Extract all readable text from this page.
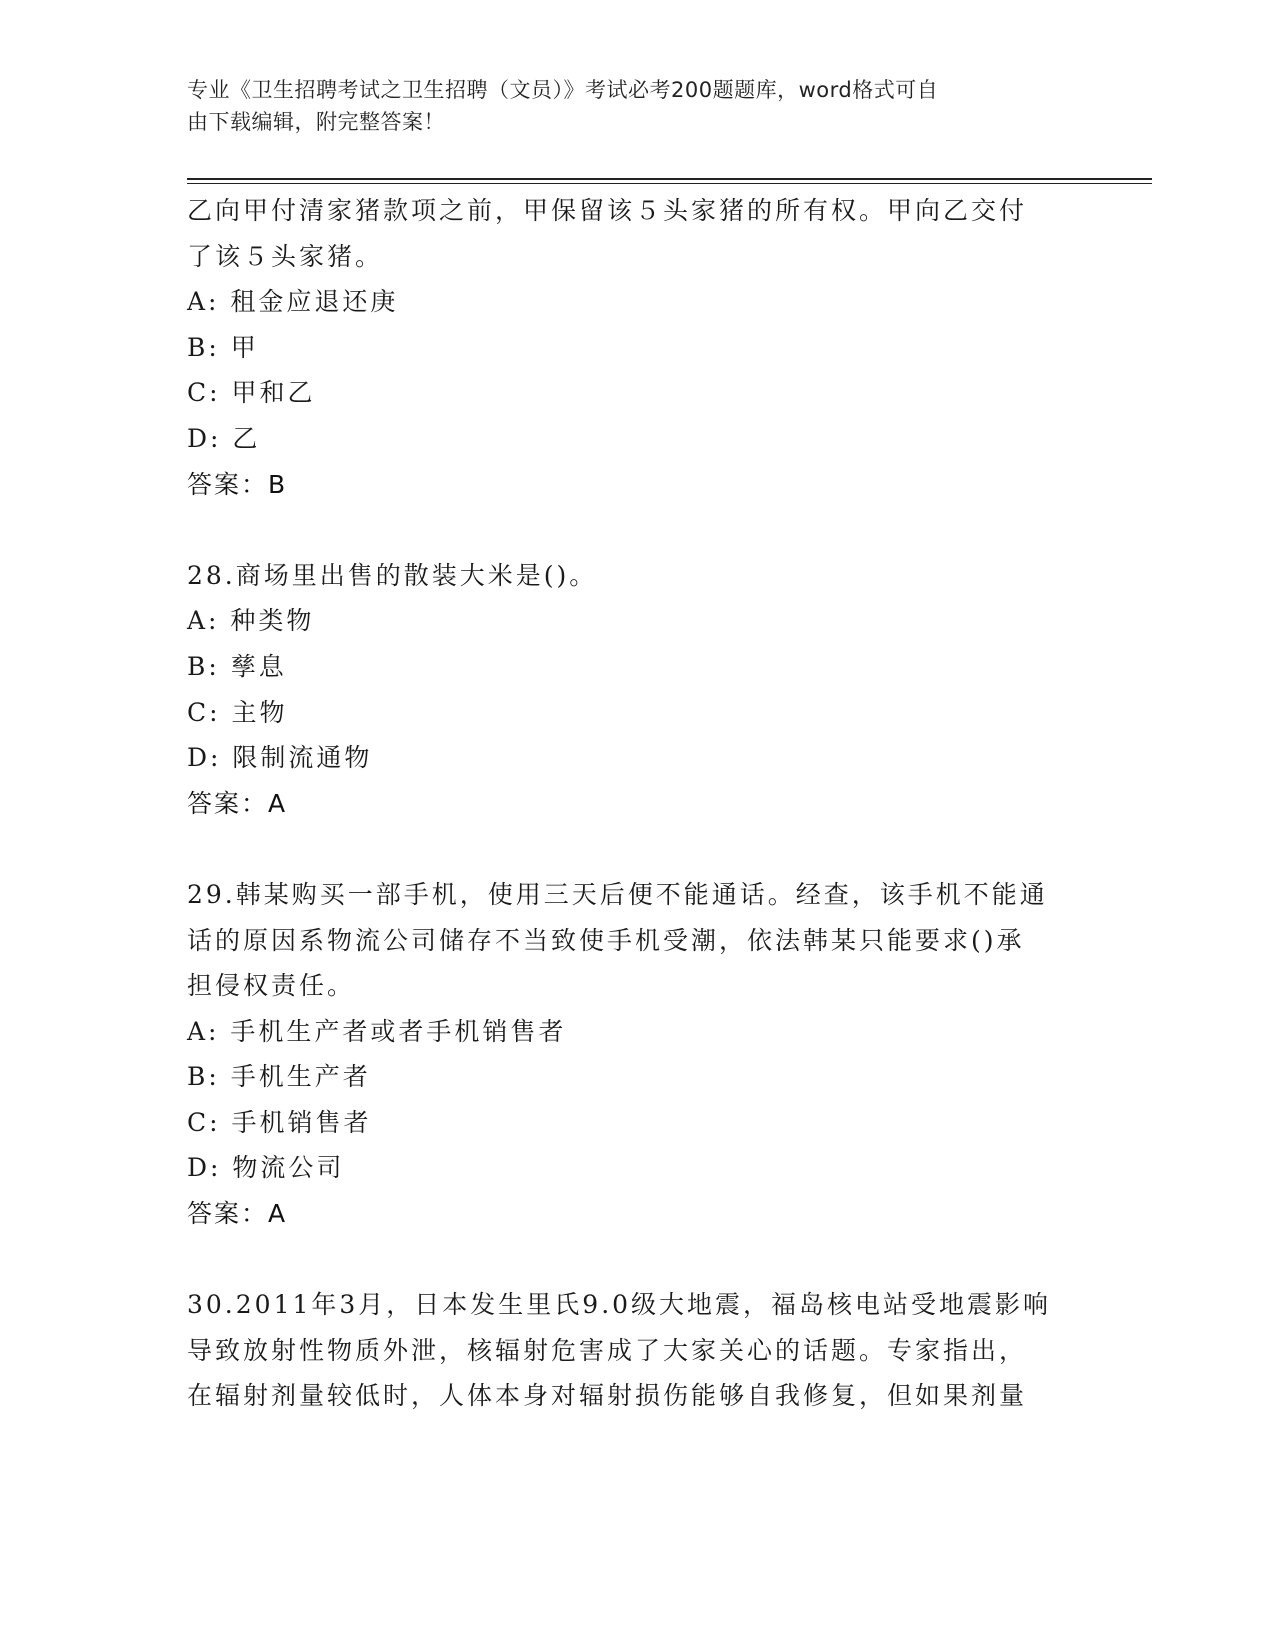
专业《卫生招聘考试之卫生招聘（文员）》考试必考200题题库，word格式可自
由下载编辑，附完整答案！
乙向甲付清家猪款项之前，甲保留该５头家猪的所有权。甲向乙交付
了该５头家猪。
A: 租金应退还庚
B: 甲
C: 甲和乙
D: 乙
答案：B
28.商场里出售的散装大米是()。
A: 种类物
B: 孳息
C: 主物
D: 限制流通物
答案：A
29.韩某购买一部手机，使用三天后便不能通话。经查，该手机不能通
话的原因系物流公司储存不当致使手机受潮，依法韩某只能要求()承
担侵权责任。
A: 手机生产者或者手机销售者
B: 手机生产者
C: 手机销售者
D: 物流公司
答案：A
30.2011年3月，日本发生里氏9.0级大地震，福岛核电站受地震影响
导致放射性物质外泄，核辐射危害成了大家关心的话题。专家指出，
在辐射剂量较低时，人体本身对辐射损伤能够自我修复，但如果剂量
